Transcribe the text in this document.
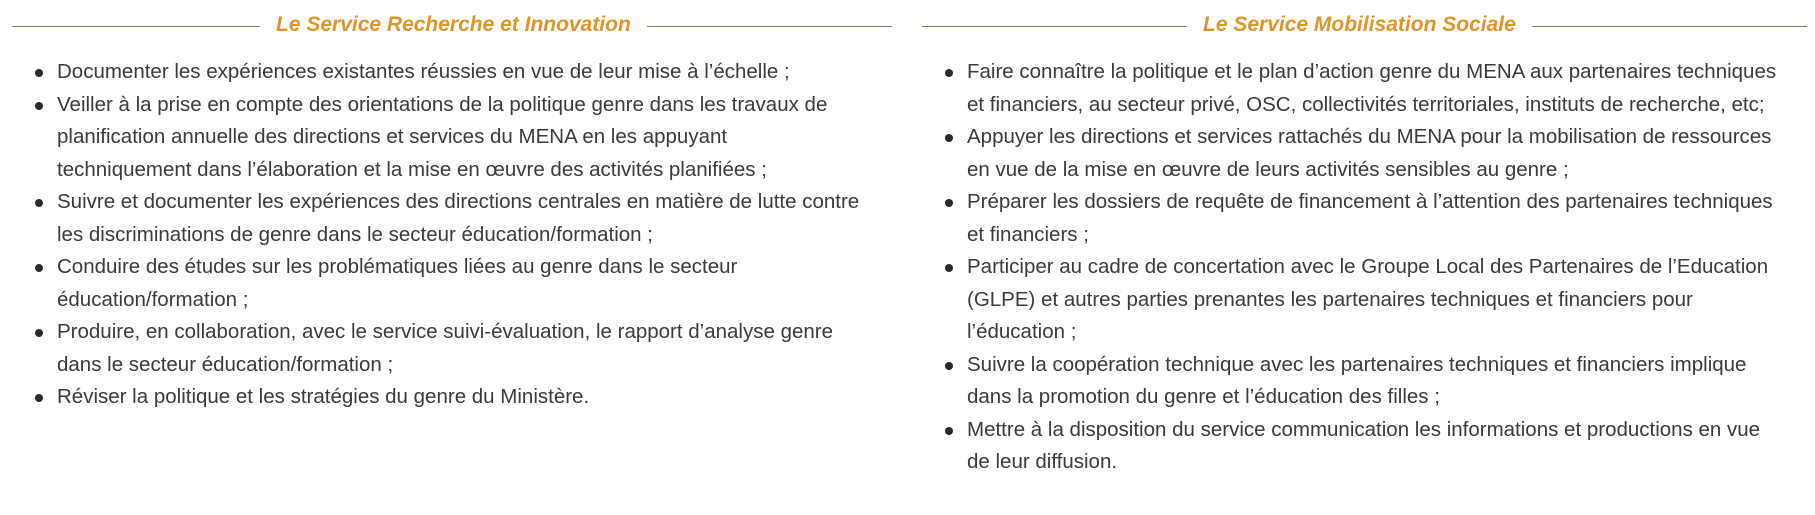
Le Service Recherche et Innovation
Documenter les expériences existantes réussies en vue de leur mise à l’échelle ;
Veiller à la prise en compte des orientations de la politique genre dans les travaux de planification annuelle des directions et services du MENA en les appuyant techniquement dans l’élaboration et la mise en œuvre des activités planifiées ;
Suivre et documenter les expériences des directions centrales en matière de lutte contre les discriminations de genre dans le secteur éducation/formation ;
Conduire des études sur les problématiques liées au genre dans le secteur éducation/formation ;
Produire, en collaboration, avec le service suivi-évaluation, le rapport d’analyse genre dans le secteur éducation/formation ;
Réviser la politique et les stratégies du genre du Ministère.
Le Service Mobilisation Sociale
Faire connaître la politique et le plan d’action genre du MENA aux partenaires techniques et financiers, au secteur privé, OSC, collectivités territoriales, instituts de recherche, etc;
Appuyer les directions et services rattachés du MENA pour la mobilisation de ressources en vue de la mise en œuvre de leurs activités sensibles au genre ;
Préparer les dossiers de requête de financement à l’attention des partenaires techniques et financiers ;
Participer au cadre de concertation avec le Groupe Local des Partenaires de l’Education (GLPE) et autres parties prenantes les partenaires techniques et financiers pour l’éducation ;
Suivre la coopération technique avec les partenaires techniques et financiers implique dans la promotion du genre et l’éducation des filles ;
Mettre à la disposition du service communication les informations et productions en vue de leur diffusion.
